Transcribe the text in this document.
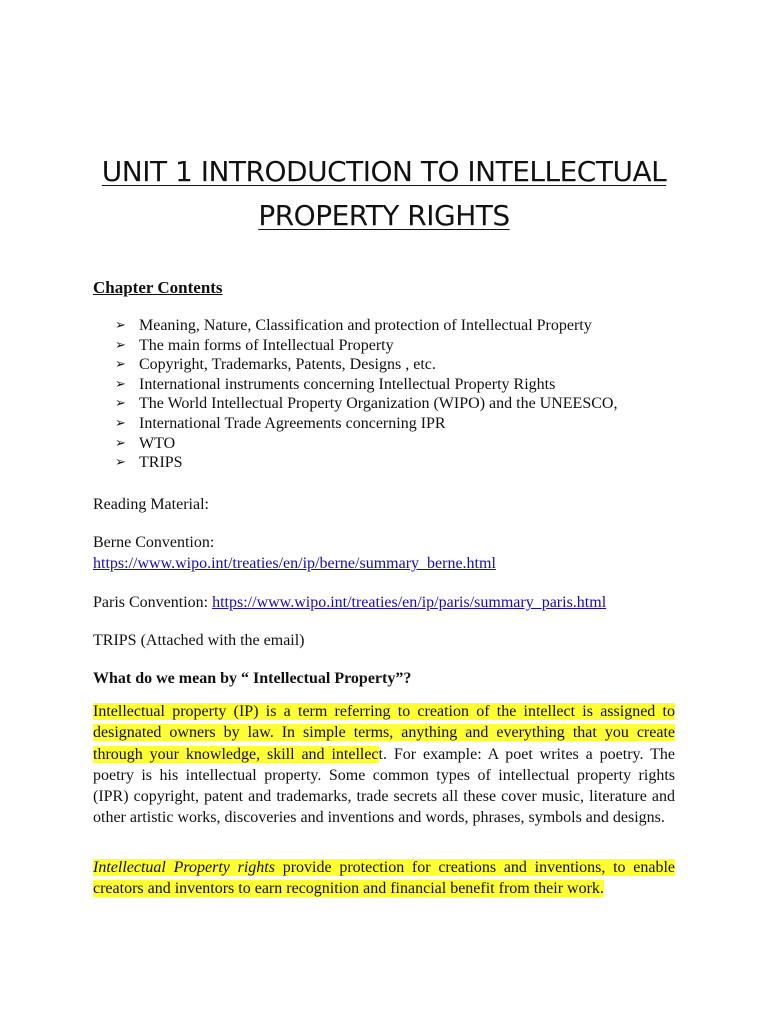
UNIT 1 INTRODUCTION TO INTELLECTUAL
PROPERTY RIGHTS
Chapter Contents
➢ Meaning, Nature, Classification and protection of Intellectual Property
➢ The main forms of Intellectual Property
➢ Copyright, Trademarks, Patents, Designs , etc.
➢ International instruments concerning Intellectual Property Rights
➢ The World Intellectual Property Organization (WIPO) and the UNEESCO,
➢ International Trade Agreements concerning IPR
➢ WTO
➢ TRIPS

Reading Material:

Berne Convention:
https://www.wipo.int/treaties/en/ip/berne/summary_berne.html

Paris Convention: https://www.wipo.int/treaties/en/ip/paris/summary_paris.html

TRIPS (Attached with the email)

What do we mean by “ Intellectual Property”?

Intellectual property (IP) is a term referring to creation of the intellect is assigned to designated owners by law. In simple terms, anything and everything that you create through your knowledge, skill and intellect. For example: A poet writes a poetry. The poetry is his intellectual property. Some common types of intellectual property rights (IPR) copyright, patent and trademarks, trade secrets all these cover music, literature and other artistic works, discoveries and inventions and words, phrases, symbols and designs.

Intellectual Property rights provide protection for creations and inventions, to enable creators and inventors to earn recognition and financial benefit from their work.
